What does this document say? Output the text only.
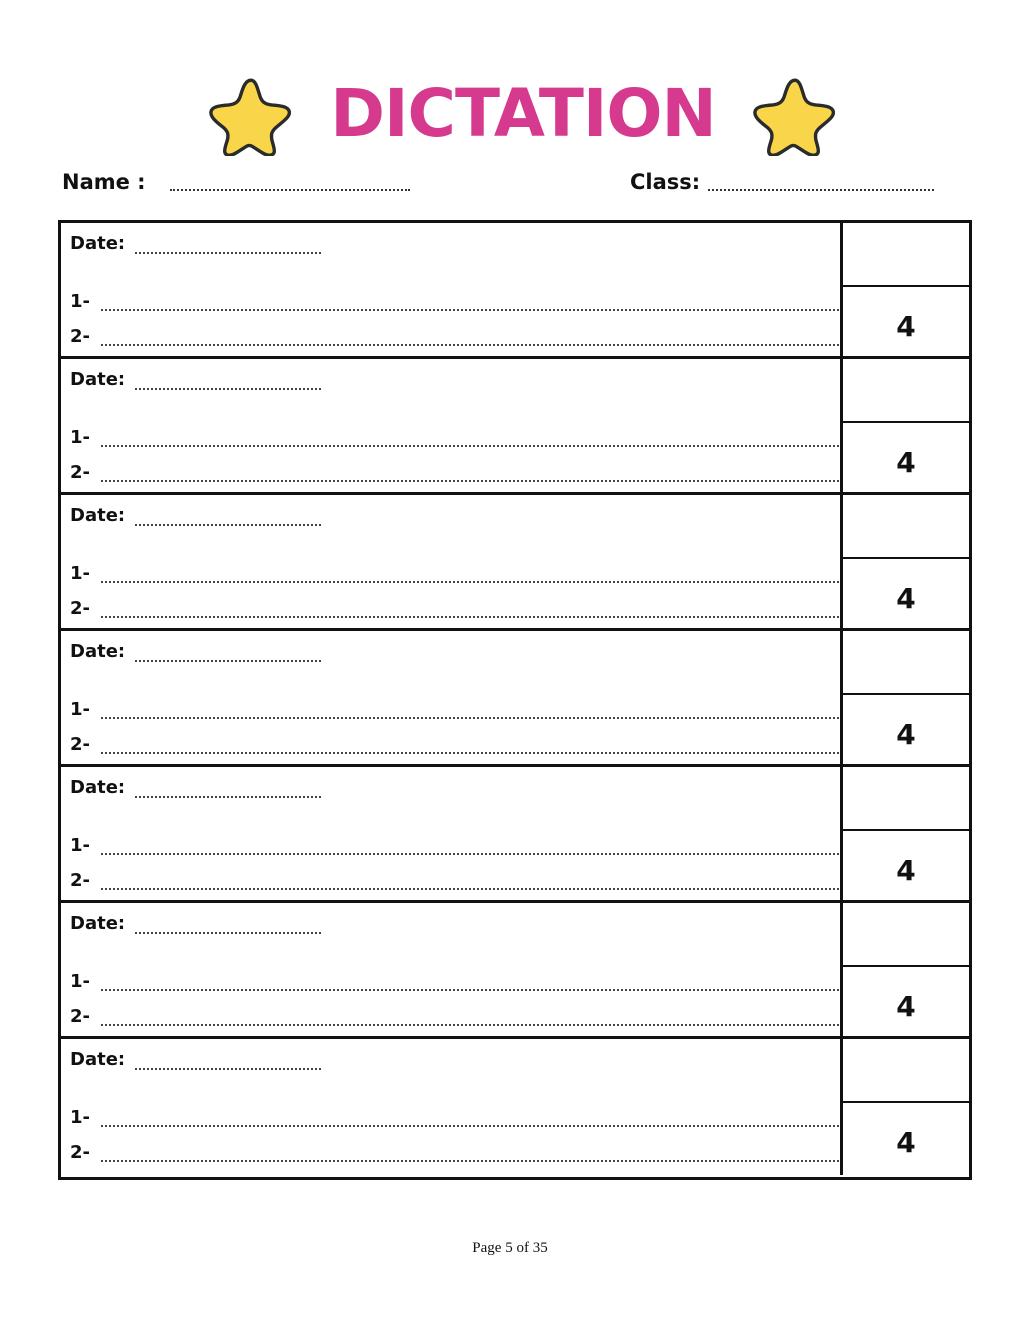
DICTATION
Name :	Class:
Date:
1-
2-	4
Date:
1-
2-	4
Date:
1-
2-	4
Date:
1-
2-	4
Date:
1-
2-	4
Date:
1-
2-	4
Date:
1-
2-	4
Page 5 of 35
